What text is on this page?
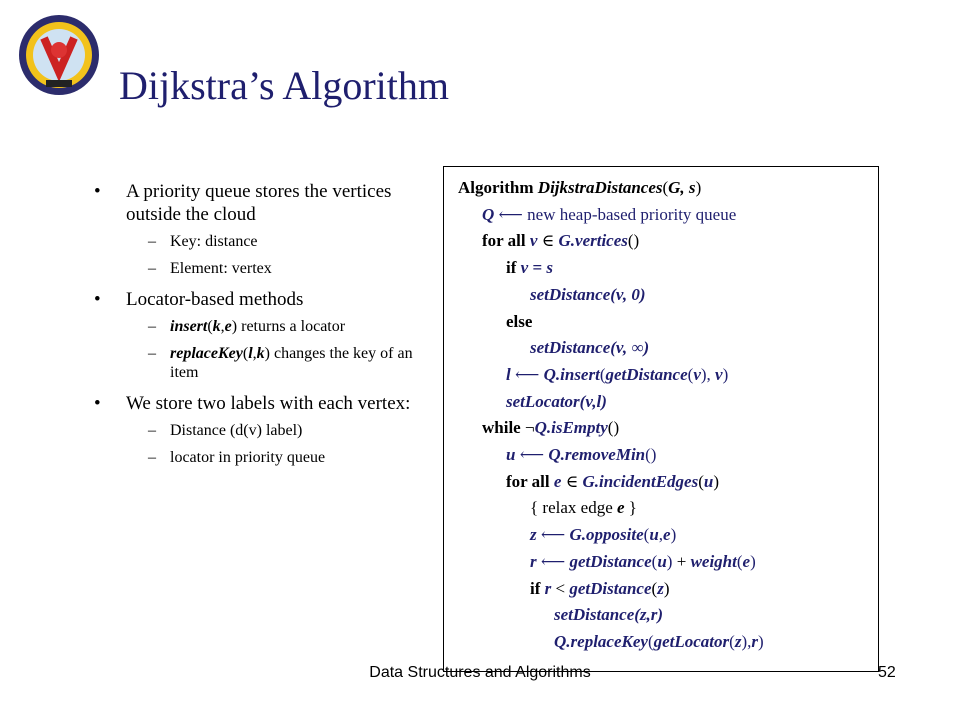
Dijkstra’s Algorithm
• A priority queue stores the vertices outside the cloud
– Key: distance
– Element: vertex
• Locator-based methods
– insert(k,e) returns a locator
– replaceKey(l,k) changes the key of an item
• We store two labels with each vertex:
– Distance (d(v) label)
– locator in priority queue
Algorithm DijkstraDistances(G, s)
Q ⟵ new heap-based priority queue
for all v ∈ G.vertices()
if v = s
setDistance(v, 0)
else
setDistance(v, ∞)
l ⟵ Q.insert(getDistance(v), v)
setLocator(v,l)
while ¬Q.isEmpty()
u ⟵ Q.removeMin()
for all e ∈ G.incidentEdges(u)
{ relax edge e }
z ⟵ G.opposite(u,e)
r ⟵ getDistance(u) + weight(e)
if r < getDistance(z)
setDistance(z,r)
Q.replaceKey(getLocator(z),r)
Data Structures and Algorithms	52
